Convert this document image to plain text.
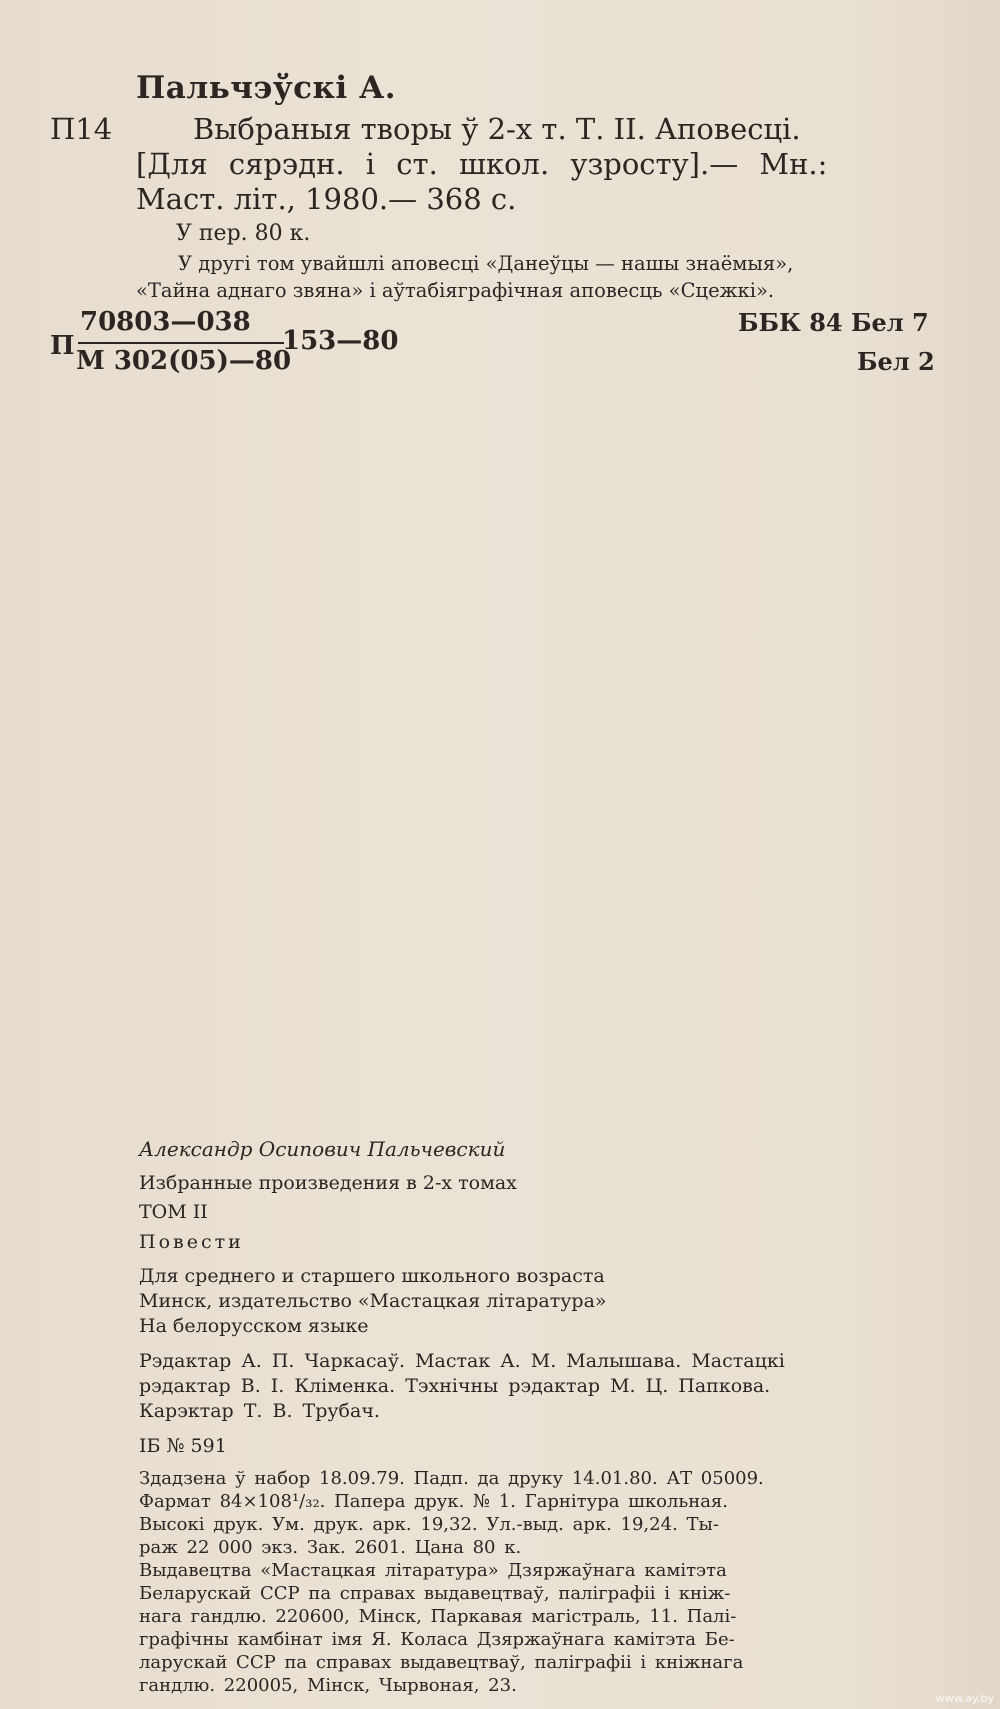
Пальчэўскі А.
П14	Выбраныя творы ў 2-х т. Т. II. Аповесці.
[Для сярэдн. і ст. школ. узросту].— Мн.:
Маст. літ., 1980.— 368 с.
У пер. 80 к.
У другі том увайшлі аповесці «Данеўцы — нашы знаёмыя»,
«Тайна аднаго звяна» і аўтабіяграфічная аповесць «Сцежкі».
П
70803—038
М 302(05)—80
153—80
ББК 84 Бел 7
Бел 2
Александр Осипович Пальчевский
Избранные произведения в 2-х томах
ТОМ II
Повести
Для среднего и старшего школьного возраста
Минск, издательство «Мастацкая літаратура»
На белорусском языке
Рэдактар А. П. Чаркасаў. Мастак А. М. Малышава. Мастацкі
рэдактар В. І. Кліменка. Тэхнічны рэдактар М. Ц. Папкова.
Карэктар Т. В. Трубач.
ІБ № 591
Здадзена ў набор 18.09.79. Падп. да друку 14.01.80. АТ 05009.
Фармат 84×108¹/₃₂. Папера друк. № 1. Гарнітура школьная.
Высокі друк. Ум. друк. арк. 19,32. Ул.-выд. арк. 19,24. Ты-
раж 22 000 экз. Зак. 2601. Цана 80 к.
Выдавецтва «Мастацкая літаратура» Дзяржаўнага камітэта
Беларускай ССР па справах выдавецтваў, паліграфіі і кніж-
нага гандлю. 220600, Мінск, Паркавая магістраль, 11. Палі-
графічны камбінат імя Я. Коласа Дзяржаўнага камітэта Бе-
ларускай ССР па справах выдавецтваў, паліграфіі і кніжнага
гандлю. 220005, Мінск, Чырвоная, 23.
www.ay.by
